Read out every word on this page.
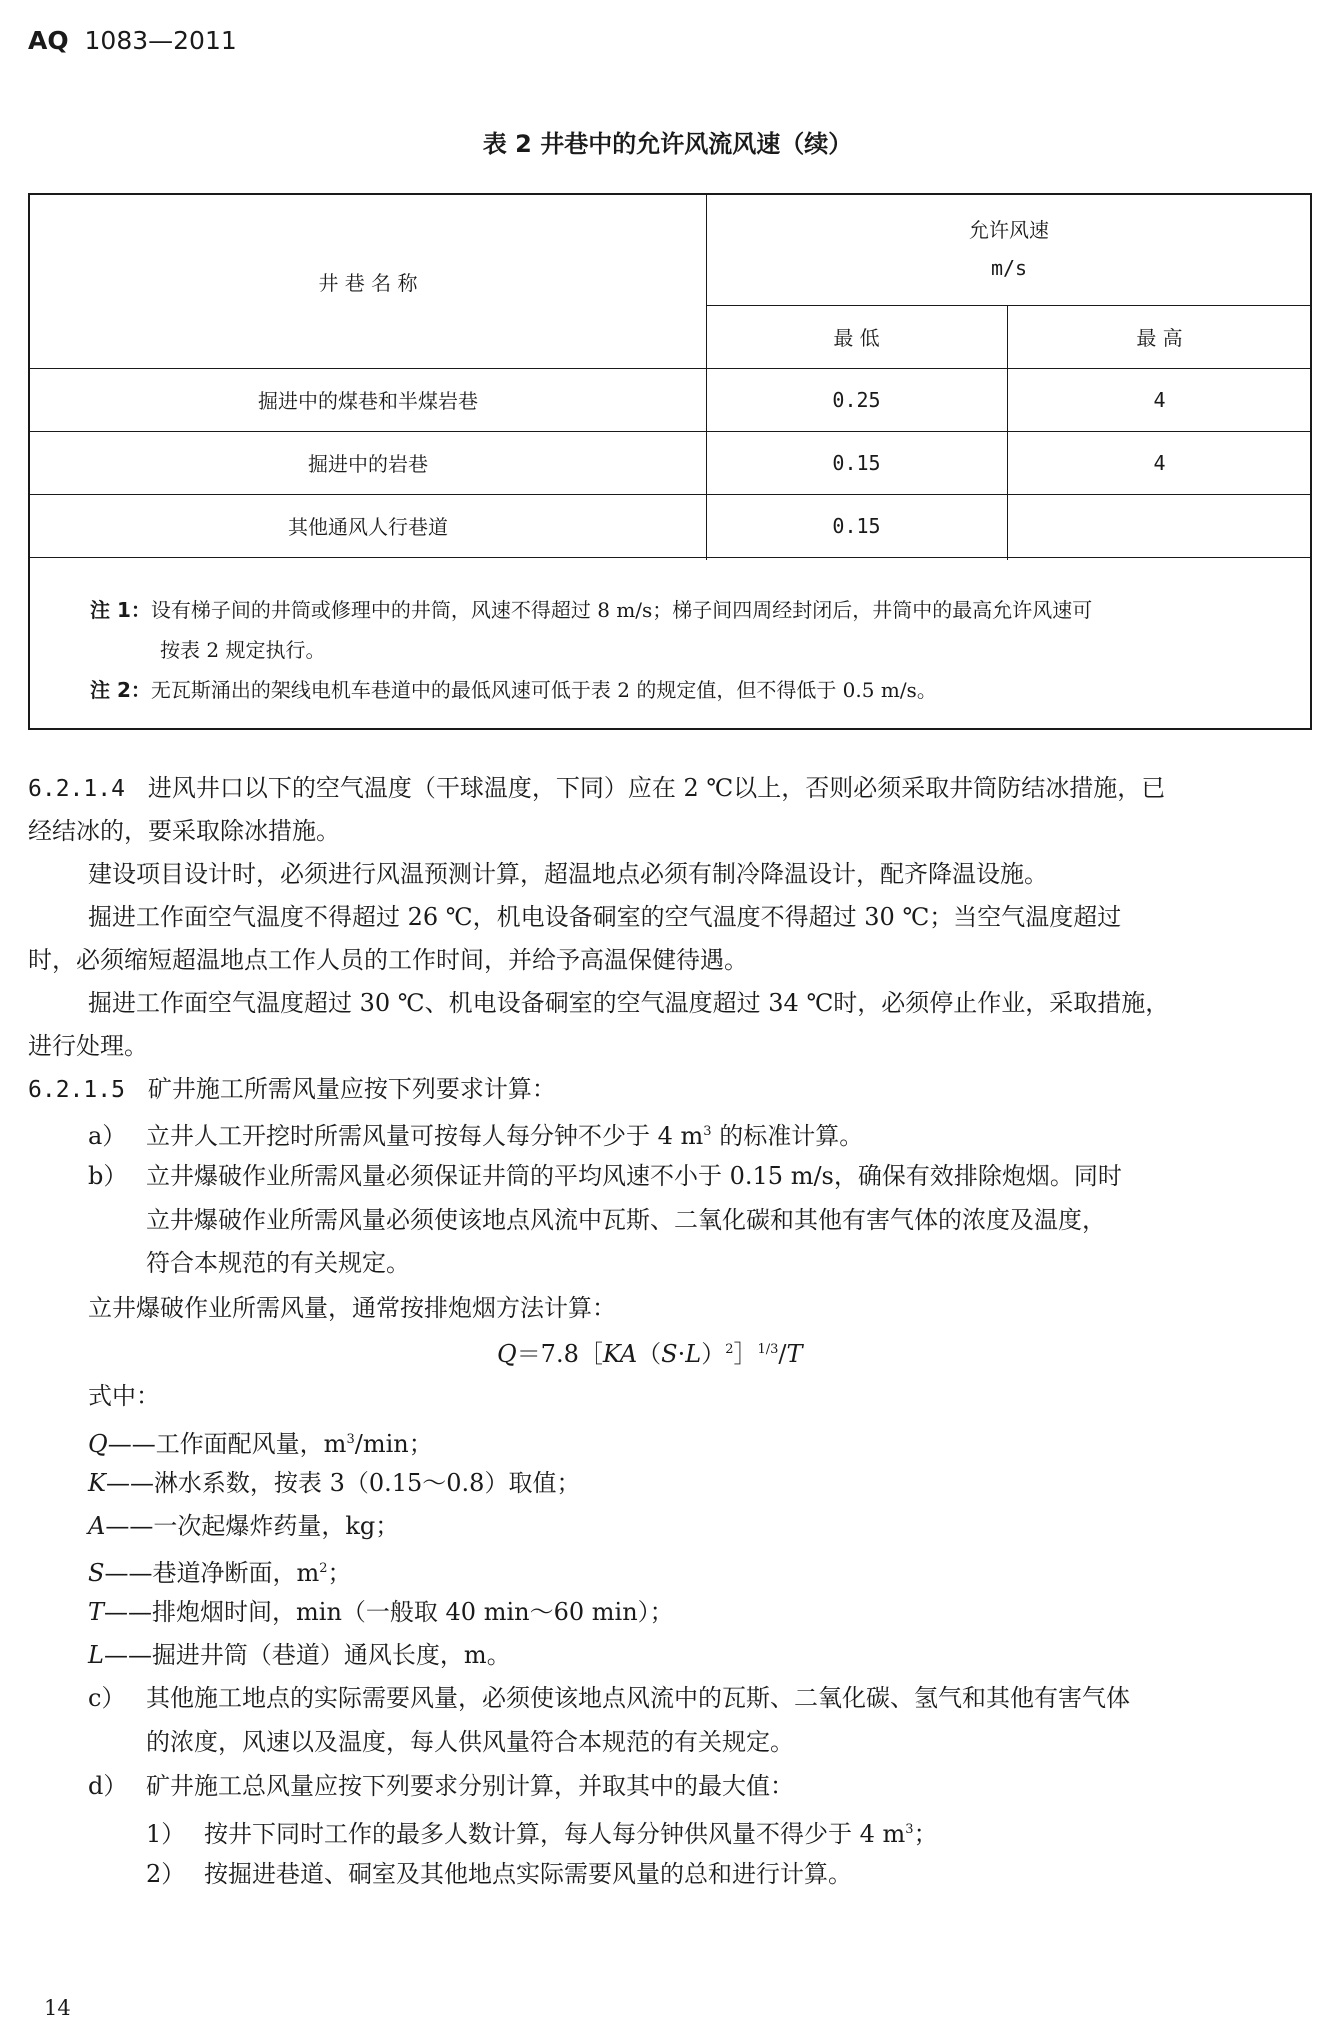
AQ 1083—2011
表 2 井巷中的允许风流风速（续）
井 巷 名 称
允许风速
m/s
最 低	最 高
掘进中的煤巷和半煤岩巷	0.25	4
掘进中的岩巷	0.15	4
其他通风人行巷道	0.15
注 1：设有梯子间的井筒或修理中的井筒，风速不得超过 8 m/s；梯子间四周经封闭后，井筒中的最高允许风速可
按表 2 规定执行。
注 2：无瓦斯涌出的架线电机车巷道中的最低风速可低于表 2 的规定值，但不得低于 0.5 m/s。
6.2.1.4 进风井口以下的空气温度（干球温度，下同）应在 2 ℃以上，否则必须采取井筒防结冰措施，已
经结冰的，要采取除冰措施。
建设项目设计时，必须进行风温预测计算，超温地点必须有制冷降温设计，配齐降温设施。
掘进工作面空气温度不得超过 26 ℃，机电设备硐室的空气温度不得超过 30 ℃；当空气温度超过
时，必须缩短超温地点工作人员的工作时间，并给予高温保健待遇。
掘进工作面空气温度超过 30 ℃、机电设备硐室的空气温度超过 34 ℃时，必须停止作业，采取措施，
进行处理。
6.2.1.5 矿井施工所需风量应按下列要求计算：
a） 立井人工开挖时所需风量可按每人每分钟不少于 4 $m^3$ 的标准计算。
b） 立井爆破作业所需风量必须保证井筒的平均风速不小于 0.15 m/s，确保有效排除炮烟。同时
立井爆破作业所需风量必须使该地点风流中瓦斯、二氧化碳和其他有害气体的浓度及温度，
符合本规范的有关规定。
立井爆破作业所需风量，通常按排炮烟方法计算：
$Q=7.8[KA(S\cdot L)^2]^{1/3}/T$
式中：
Q——工作面配风量，$m^3/\min$；
K——淋水系数，按表 3（0.15～0.8）取值；
A——一次起爆炸药量，kg；
S——巷道净断面，$m^2$；
T——排炮烟时间，min（一般取 40 min～60 min）；
L——掘进井筒（巷道）通风长度，m。
c） 其他施工地点的实际需要风量，必须使该地点风流中的瓦斯、二氧化碳、氢气和其他有害气体
的浓度，风速以及温度，每人供风量符合本规范的有关规定。
d） 矿井施工总风量应按下列要求分别计算，并取其中的最大值：
1） 按井下同时工作的最多人数计算，每人每分钟供风量不得少于 4 $m^3$；
2） 按掘进巷道、硐室及其他地点实际需要风量的总和进行计算。
14
